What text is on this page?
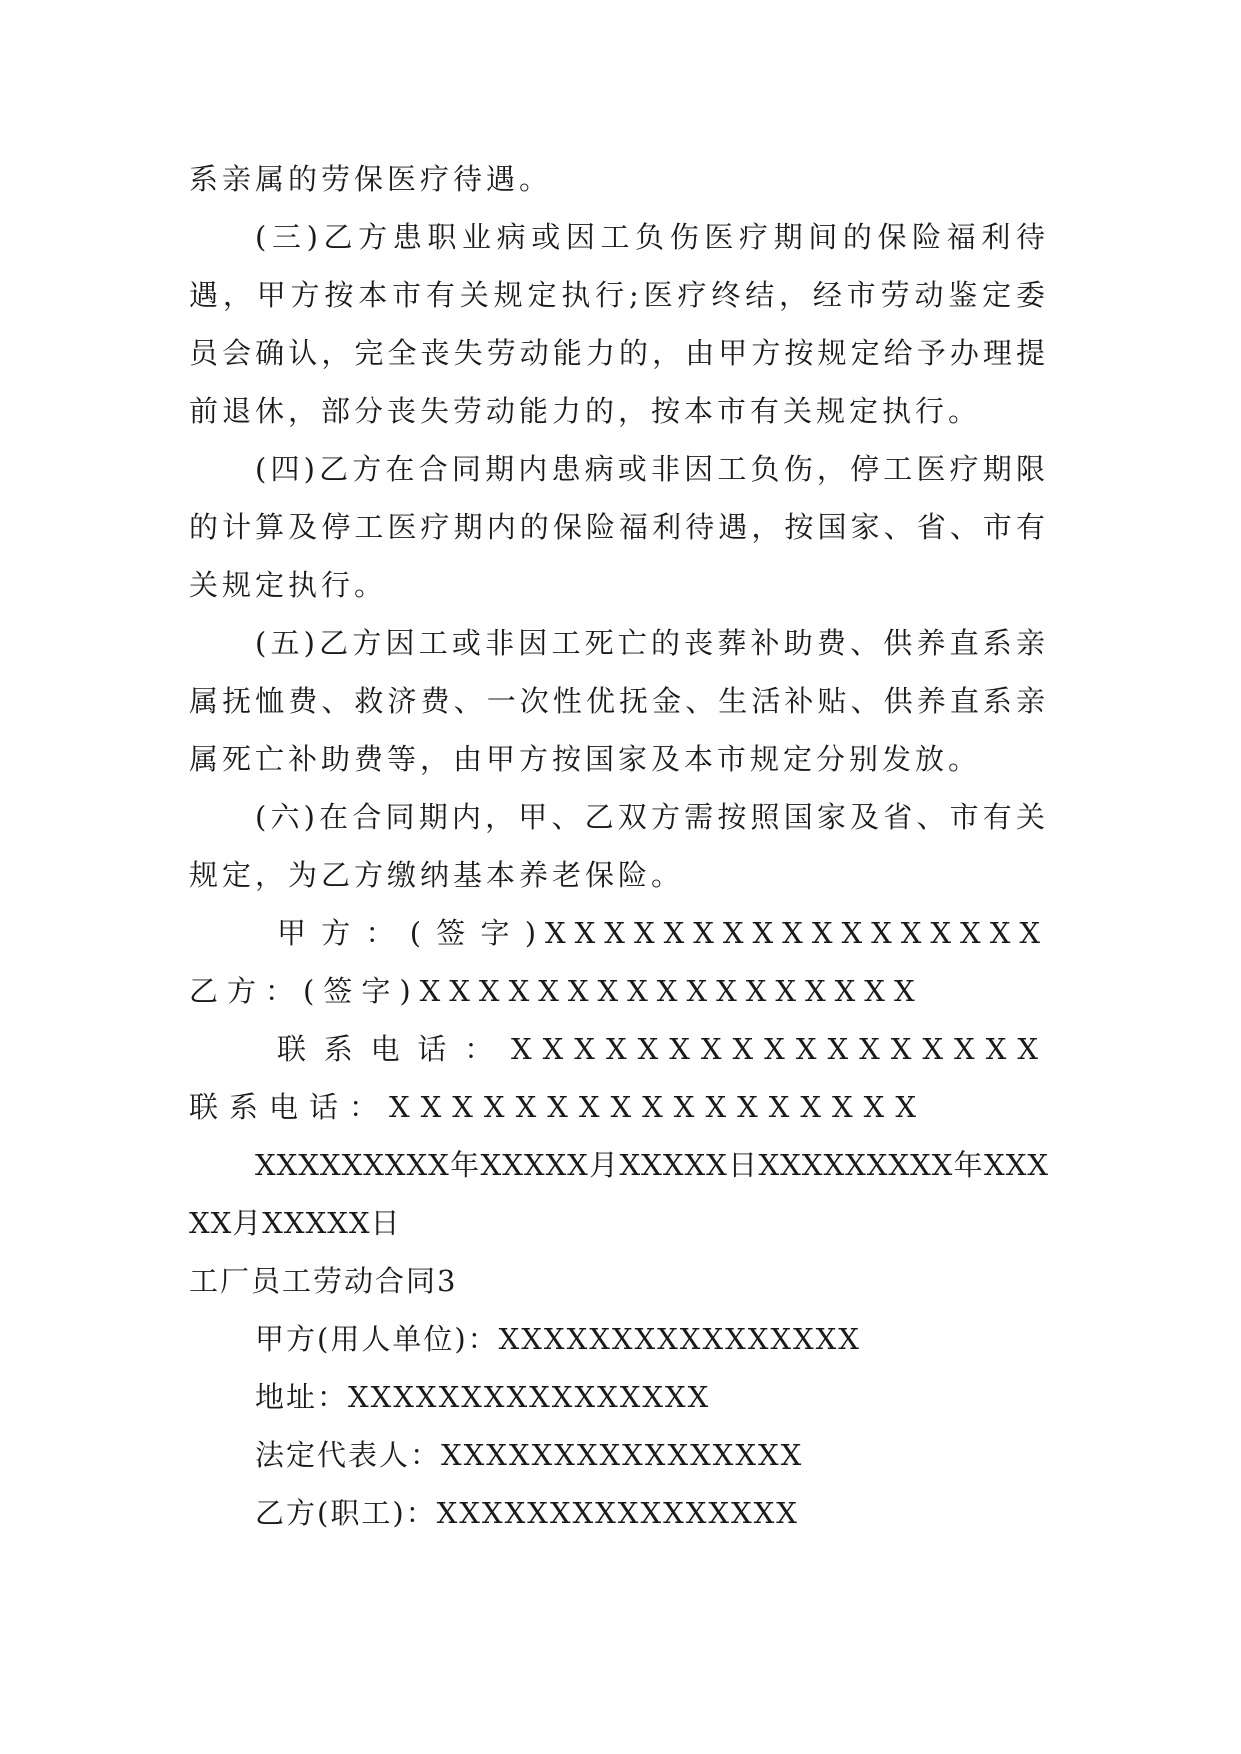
系亲属的劳保医疗待遇。

(三)乙方患职业病或因工负伤医疗期间的保险福利待遇，甲方按本市有关规定执行;医疗终结，经市劳动鉴定委员会确认，完全丧失劳动能力的，由甲方按规定给予办理提前退休，部分丧失劳动能力的，按本市有关规定执行。

(四)乙方在合同期内患病或非因工负伤，停工医疗期限的计算及停工医疗期内的保险福利待遇，按国家、省、市有关规定执行。

(五)乙方因工或非因工死亡的丧葬补助费、供养直系亲属抚恤费、救济费、一次性优抚金、生活补贴、供养直系亲属死亡补助费等，由甲方按国家及本市规定分别发放。

(六)在合同期内，甲、乙双方需按照国家及省、市有关规定，为乙方缴纳基本养老保险。

甲方：(签字)XXXXXXXXXXXXXXXXX 乙方：(签字)XXXXXXXXXXXXXXXXX

联系电话：XXXXXXXXXXXXXXXXX 联系电话：XXXXXXXXXXXXXXXXX

XXXXXXXXX年XXXXX月XXXXX日XXXXXXXXX年XXXXX月XXXXX日

工厂员工劳动合同3

甲方(用人单位)：XXXXXXXXXXXXXXXX

地址：XXXXXXXXXXXXXXXX

法定代表人：XXXXXXXXXXXXXXXX

乙方(职工)：XXXXXXXXXXXXXXXX
